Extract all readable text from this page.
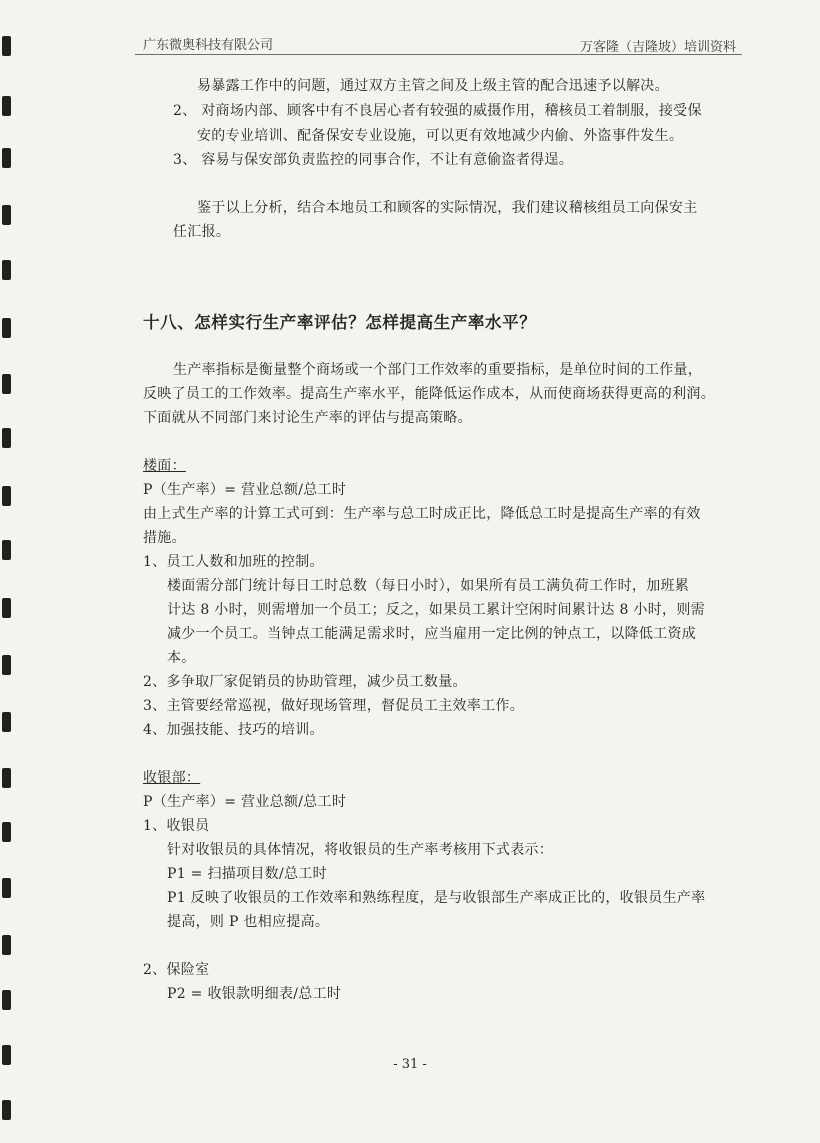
广东微奥科技有限公司	万客隆（吉隆坡）培训资料
易暴露工作中的问题，通过双方主管之间及上级主管的配合迅速予以解决。
2、 对商场内部、顾客中有不良居心者有较强的威摄作用，稽核员工着制服，接受保
安的专业培训、配备保安专业设施，可以更有效地减少内偷、外盗事件发生。
3、 容易与保安部负责监控的同事合作，不让有意偷盗者得逞。
鉴于以上分析，结合本地员工和顾客的实际情况，我们建议稽核组员工向保安主
任汇报。
十八、怎样实行生产率评估？怎样提高生产率水平？
生产率指标是衡量整个商场或一个部门工作效率的重要指标，是单位时间的工作量，
反映了员工的工作效率。提高生产率水平，能降低运作成本，从而使商场获得更高的利润。
下面就从不同部门来讨论生产率的评估与提高策略。
楼面：
P（生产率）= 营业总额/总工时
由上式生产率的计算工式可到：生产率与总工时成正比，降低总工时是提高生产率的有效
措施。
1、员工人数和加班的控制。
楼面需分部门统计每日工时总数（每日小时），如果所有员工满负荷工作时，加班累
计达 8 小时，则需增加一个员工；反之，如果员工累计空闲时间累计达 8 小时，则需
减少一个员工。当钟点工能满足需求时，应当雇用一定比例的钟点工，以降低工资成
本。
2、多争取厂家促销员的协助管理，减少员工数量。
3、主管要经常巡视，做好现场管理，督促员工主效率工作。
4、加强技能、技巧的培训。
收银部：
P（生产率）= 营业总额/总工时
1、收银员
针对收银员的具体情况，将收银员的生产率考核用下式表示：
P1 = 扫描项目数/总工时
P1 反映了收银员的工作效率和熟练程度，是与收银部生产率成正比的，收银员生产率
提高，则 P 也相应提高。
2、保险室
P2 = 收银款明细表/总工时
- 31 -
